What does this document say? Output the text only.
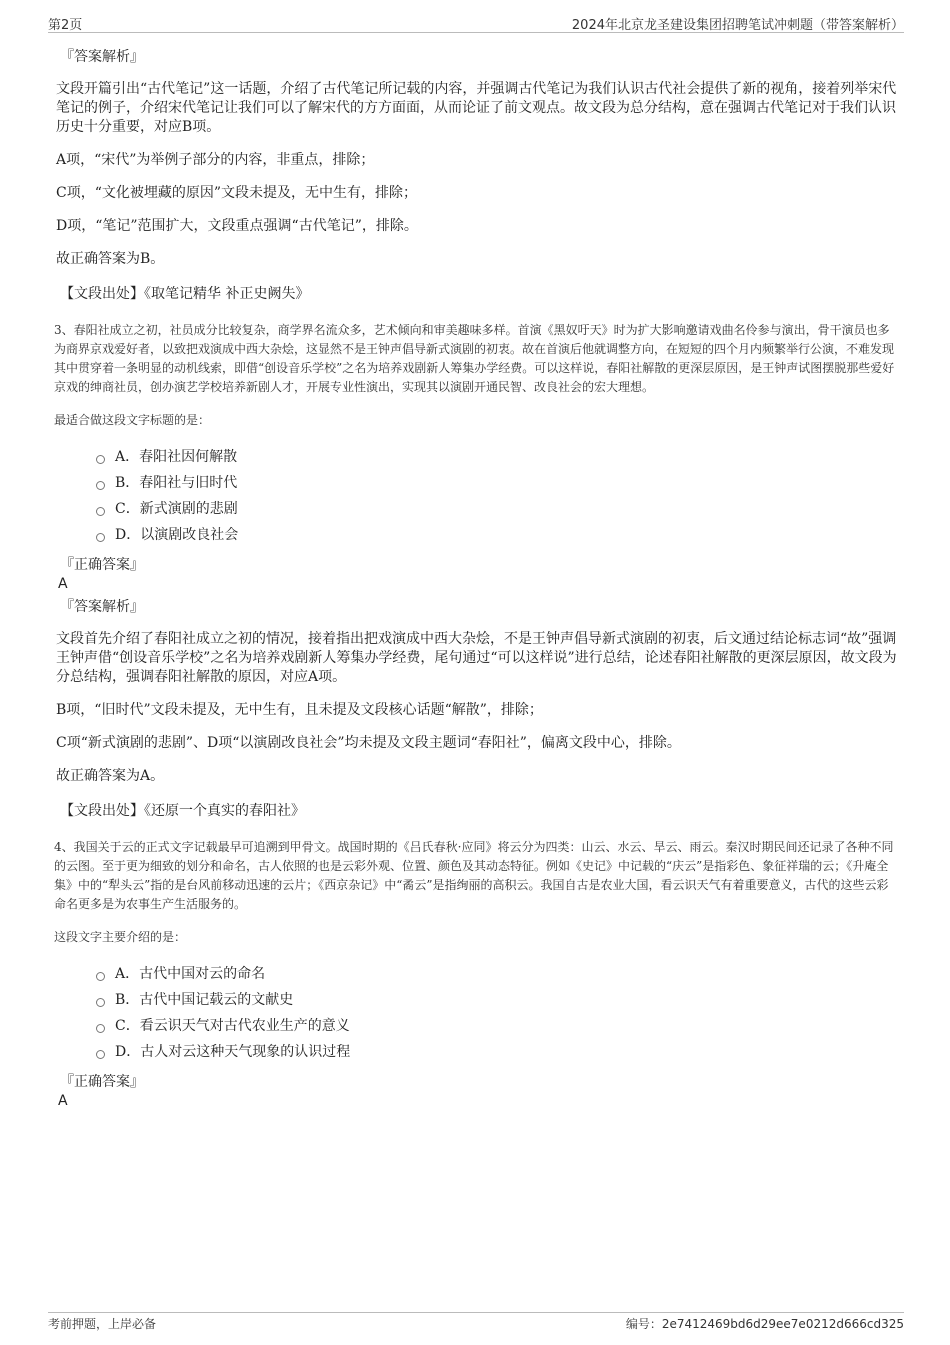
第2页	2024年北京龙圣建设集团招聘笔试冲刺题（带答案解析）
『答案解析』

文段开篇引出“古代笔记”这一话题，介绍了古代笔记所记载的内容，并强调古代笔记为我们认识古代社会提供了新的视角，接着列举宋代笔记的例子，介绍宋代笔记让我们可以了解宋代的方方面面，从而论证了前文观点。故文段为总分结构，意在强调古代笔记对于我们认识历史十分重要，对应B项。

A项，“宋代”为举例子部分的内容，非重点，排除；

C项，“文化被埋藏的原因”文段未提及，无中生有，排除；

D项，“笔记”范围扩大，文段重点强调“古代笔记”，排除。

故正确答案为B。

【文段出处】《取笔记精华 补正史阙失》

3、春阳社成立之初，社员成分比较复杂，商学界名流众多，艺术倾向和审美趣味多样。首演《黑奴吁天》时为扩大影响邀请戏曲名伶参与演出，骨干演员也多为商界京戏爱好者，以致把戏演成中西大杂烩，这显然不是王钟声倡导新式演剧的初衷。故在首演后他就调整方向，在短短的四个月内频繁举行公演，不难发现其中贯穿着一条明显的动机线索，即借“创设音乐学校”之名为培养戏剧新人筹集办学经费。可以这样说，春阳社解散的更深层原因，是王钟声试图摆脱那些爱好京戏的绅商社员，创办演艺学校培养新剧人才，开展专业性演出，实现其以演剧开通民智、改良社会的宏大理想。

最适合做这段文字标题的是：
A．春阳社因何解散
B．春阳社与旧时代
C．新式演剧的悲剧
D．以演剧改良社会
『正确答案』
A
『答案解析』

文段首先介绍了春阳社成立之初的情况，接着指出把戏演成中西大杂烩，不是王钟声倡导新式演剧的初衷，后文通过结论标志词“故”强调王钟声借“创设音乐学校”之名为培养戏剧新人筹集办学经费，尾句通过“可以这样说”进行总结，论述春阳社解散的更深层原因，故文段为分总结构，强调春阳社解散的原因，对应A项。

B项，“旧时代”文段未提及，无中生有，且未提及文段核心话题“解散”，排除；

C项“新式演剧的悲剧”、D项“以演剧改良社会”均未提及文段主题词“春阳社”，偏离文段中心，排除。

故正确答案为A。

【文段出处】《还原一个真实的春阳社》

4、我国关于云的正式文字记载最早可追溯到甲骨文。战国时期的《吕氏春秋·应同》将云分为四类：山云、水云、旱云、雨云。秦汉时期民间还记录了各种不同的云图。至于更为细致的划分和命名，古人依照的也是云彩外观、位置、颜色及其动态特征。例如《史记》中记载的“庆云”是指彩色、象征祥瑞的云；《升庵全集》中的“犁头云”指的是台风前移动迅速的云片；《西京杂记》中“矞云”是指绚丽的高积云。我国自古是农业大国，看云识天气有着重要意义，古代的这些云彩命名更多是为农事生产生活服务的。

这段文字主要介绍的是：
A．古代中国对云的命名
B．古代中国记载云的文献史
C．看云识天气对古代农业生产的意义
D．古人对云这种天气现象的认识过程
『正确答案』
A
考前押题，上岸必备	编号：2e7412469bd6d29ee7e0212d666cd325
